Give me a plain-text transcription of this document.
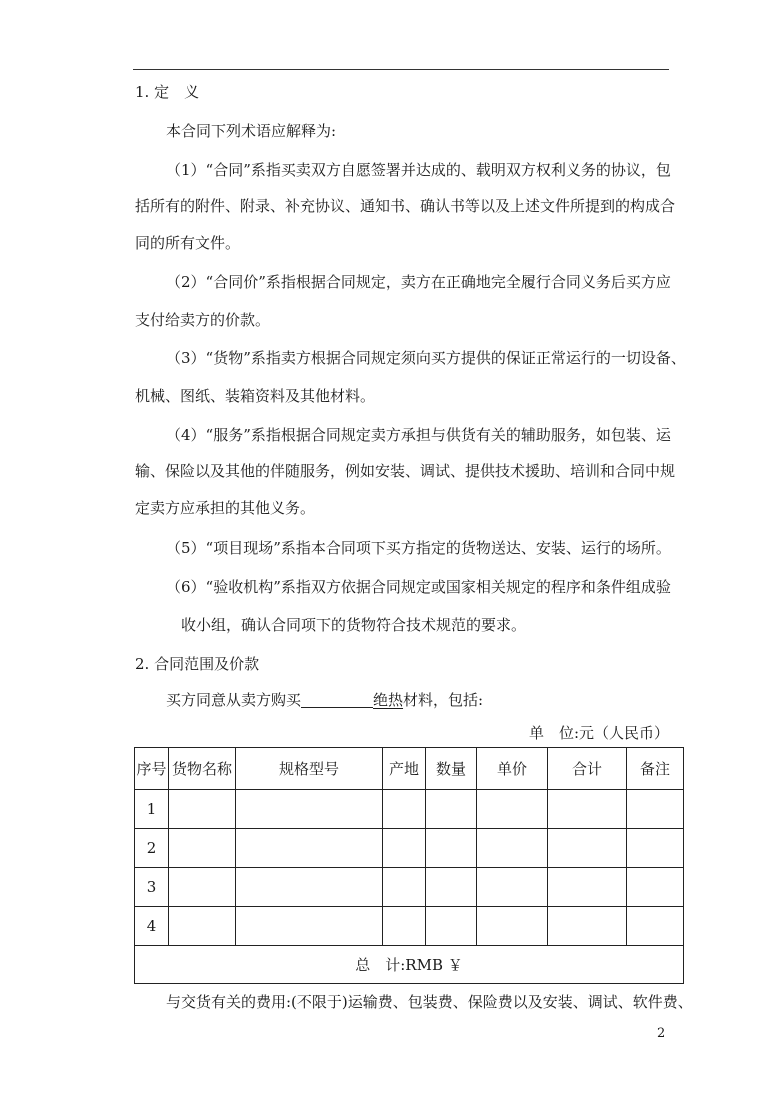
1. 定　义
本合同下列术语应解释为:
（1）“合同”系指买卖双方自愿签署并达成的、载明双方权利义务的协议，包
括所有的附件、附录、补充协议、通知书、确认书等以及上述文件所提到的构成合
同的所有文件。
（2）“合同价”系指根据合同规定，卖方在正确地完全履行合同义务后买方应
支付给卖方的价款。
（3）“货物”系指卖方根据合同规定须向买方提供的保证正常运行的一切设备、
机械、图纸、装箱资料及其他材料。
（4）“服务”系指根据合同规定卖方承担与供货有关的辅助服务，如包装、运
输、保险以及其他的伴随服务，例如安装、调试、提供技术援助、培训和合同中规
定卖方应承担的其他义务。
（5）“项目现场”系指本合同项下买方指定的货物送达、安装、运行的场所。
（6）“验收机构”系指双方依据合同规定或国家相关规定的程序和条件组成验
收小组，确认合同项下的货物符合技术规范的要求。
2. 合同范围及价款
买方同意从卖方购买	绝热材料，包括:
单　位:元（人民币）
序号	货物名称	规格型号	产地	数量	单价	合计	备注
1							
2							
3							
4							
总　计:RMB ￥							
与交货有关的费用:(不限于)运输费、包装费、保险费以及安装、调试、软件费、
2
